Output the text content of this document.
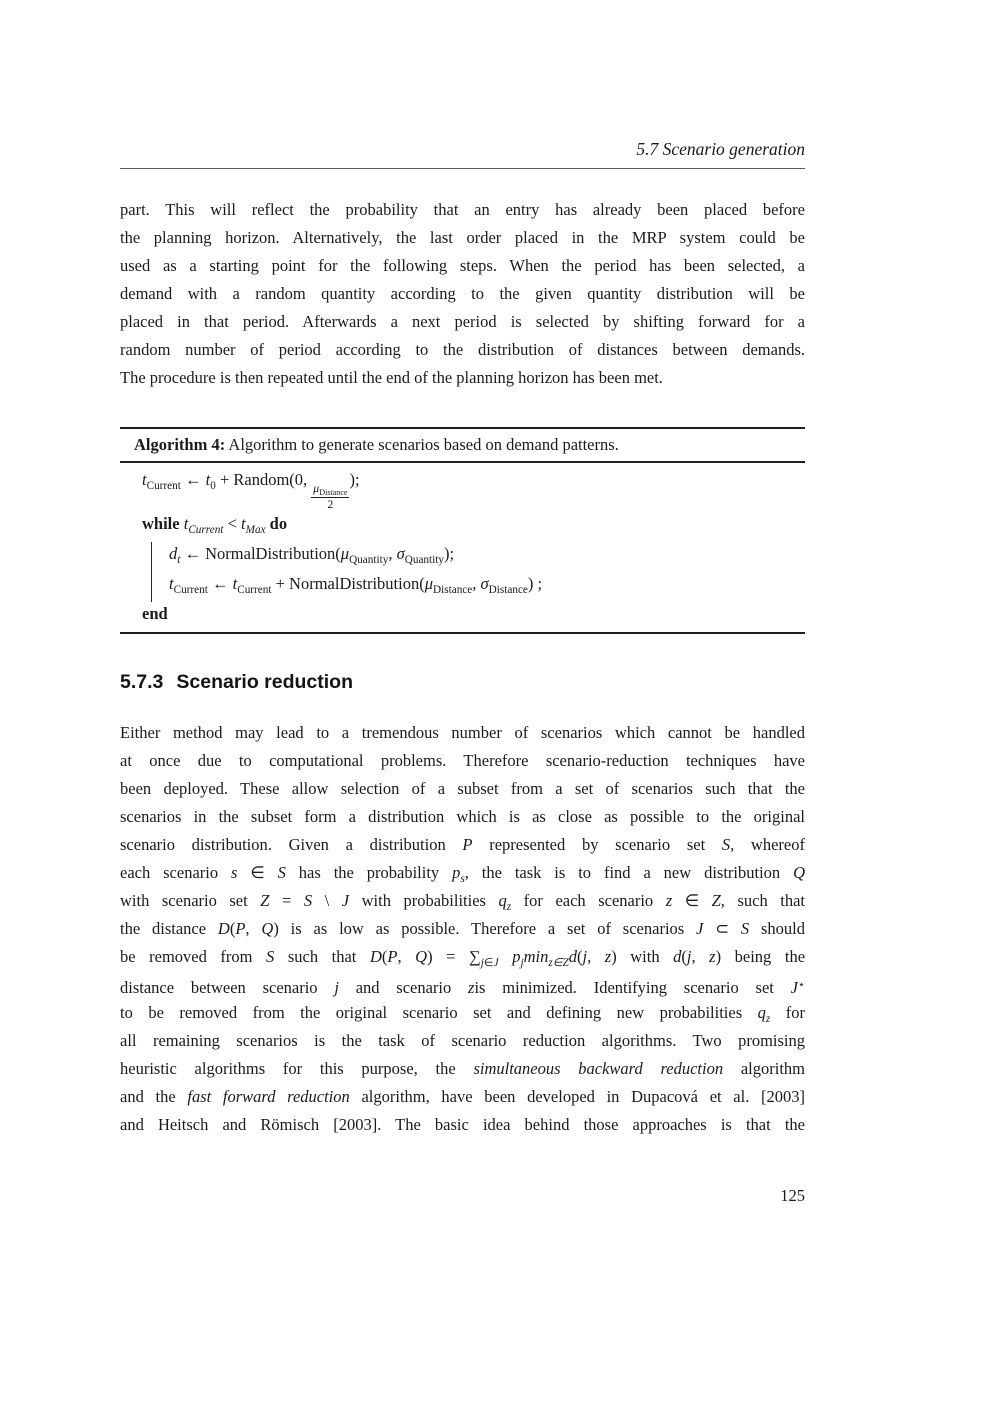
5.7 Scenario generation
part. This will reflect the probability that an entry has already been placed before
the planning horizon. Alternatively, the last order placed in the MRP system could be
used as a starting point for the following steps. When the period has been selected, a
demand with a random quantity according to the given quantity distribution will be
placed in that period. Afterwards a next period is selected by shifting forward for a
random number of period according to the distribution of distances between demands.
The procedure is then repeated until the end of the planning horizon has been met.
Algorithm 4: Algorithm to generate scenarios based on demand patterns.
$t_{Current}$ ← $t_0$ + Random(0,
$\frac{\mu_{Distance}}{2}$
);
while $t_{Current} < t_{Max}$ do
$d_t$ ← $NormalDistribution(\mu_{Quantity}$, $\sigma_{Quantity}$);
$t_{Current}$ ← $t_{Current}$ + $NormalDistribution(\mu_{Distance}$, $\sigma_{Distance}$) ;
end
5.7.3 Scenario reduction
Either method may lead to a tremendous number of scenarios which cannot be handled
at once due to computational problems. Therefore scenario-reduction techniques have
been deployed. These allow selection of a subset from a set of scenarios such that the
scenarios in the subset form a distribution which is as close as possible to the original
scenario distribution. Given a distribution P represented by scenario set S, whereof
each scenario s ∈ S has the probability $p_s$, the task is to find a new distribution Q
with scenario set Z = S \ J with probabilities $q_z$ for each scenario z ∈ Z, such that
the distance D(P, Q) is as low as possible. Therefore a set of scenarios J ⊂ S should
be removed from S such that D(P, $Q) = \sum_{j\in J}$ $p_j\min_{z\in Z}d(j$, z) with d(j, z) being the
distance between scenario j and scenario zis minimized. Identifying scenario set J⋆
to be removed from the original scenario set and defining new probabilities $q_z$ for
all remaining scenarios is the task of scenario reduction algorithms. Two promising
heuristic algorithms for this purpose, the simultaneous backward reduction algorithm
and the fast forward reduction algorithm, have been developed in Dupacová et al. [2003]
and Heitsch and Römisch [2003]. The basic idea behind those approaches is that the
125
